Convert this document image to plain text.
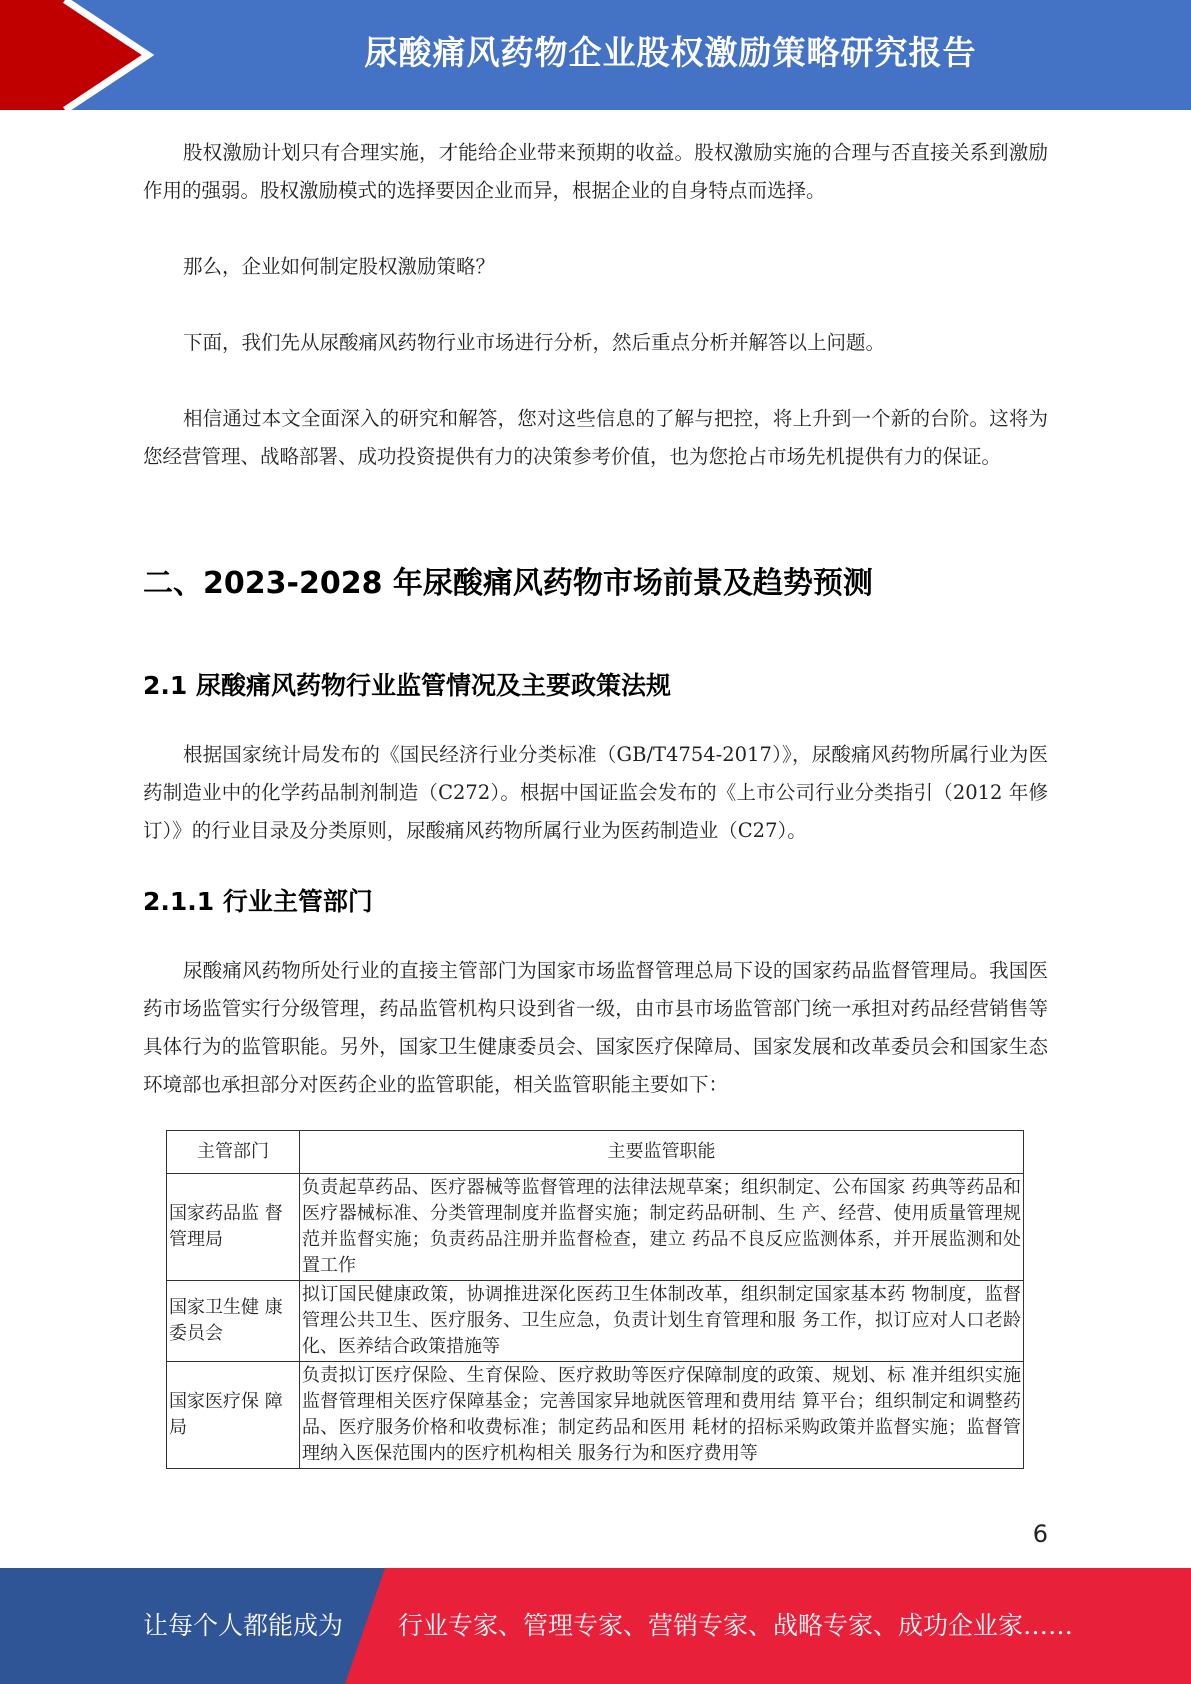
尿酸痛风药物企业股权激励策略研究报告

股权激励计划只有合理实施，才能给企业带来预期的收益。股权激励实施的合理与否直接关系到激励作用的强弱。股权激励模式的选择要因企业而异，根据企业的自身特点而选择。

那么，企业如何制定股权激励策略？

下面，我们先从尿酸痛风药物行业市场进行分析，然后重点分析并解答以上问题。

相信通过本文全面深入的研究和解答，您对这些信息的了解与把控，将上升到一个新的台阶。这将为您经营管理、战略部署、成功投资提供有力的决策参考价值，也为您抢占市场先机提供有力的保证。

二、2023-2028 年尿酸痛风药物市场前景及趋势预测
2.1 尿酸痛风药物行业监管情况及主要政策法规

根据国家统计局发布的《国民经济行业分类标准（GB/T4754-2017）》，尿酸痛风药物所属行业为医药制造业中的化学药品制剂制造（C272）。根据中国证监会发布的《上市公司行业分类指引（2012 年修订）》的行业目录及分类原则，尿酸痛风药物所属行业为医药制造业（C27）。

2.1.1 行业主管部门

尿酸痛风药物所处行业的直接主管部门为国家市场监督管理总局下设的国家药品监督管理局。我国医药市场监管实行分级管理，药品监管机构只设到省一级，由市县市场监管部门统一承担对药品经营销售等具体行为的监管职能。另外，国家卫生健康委员会、国家医疗保障局、国家发展和改革委员会和国家生态环境部也承担部分对医药企业的监管职能，相关监管职能主要如下：

主管部门	主要监管职能
国家药品监 督管理局	负责起草药品、医疗器械等监督管理的法律法规草案；组织制定、公布国家 药典等药品和医疗器械标准、分类管理制度并监督实施；制定药品研制、生 产、经营、使用质量管理规范并监督实施；负责药品注册并监督检查，建立 药品不良反应监测体系，并开展监测和处置工作
国家卫生健 康委员会	拟订国民健康政策，协调推进深化医药卫生体制改革，组织制定国家基本药 物制度，监督管理公共卫生、医疗服务、卫生应急，负责计划生育管理和服 务工作，拟订应对人口老龄化、医养结合政策措施等
国家医疗保 障局	负责拟订医疗保险、生育保险、医疗救助等医疗保障制度的政策、规划、标 准并组织实施监督管理相关医疗保障基金；完善国家异地就医管理和费用结 算平台；组织制定和调整药品、医疗服务价格和收费标准；制定药品和医用 耗材的招标采购政策并监督实施；监督管理纳入医保范围内的医疗机构相关 服务行为和医疗费用等
6
让每个人都能成为 行业专家、管理专家、营销专家、战略专家、成功企业家……
